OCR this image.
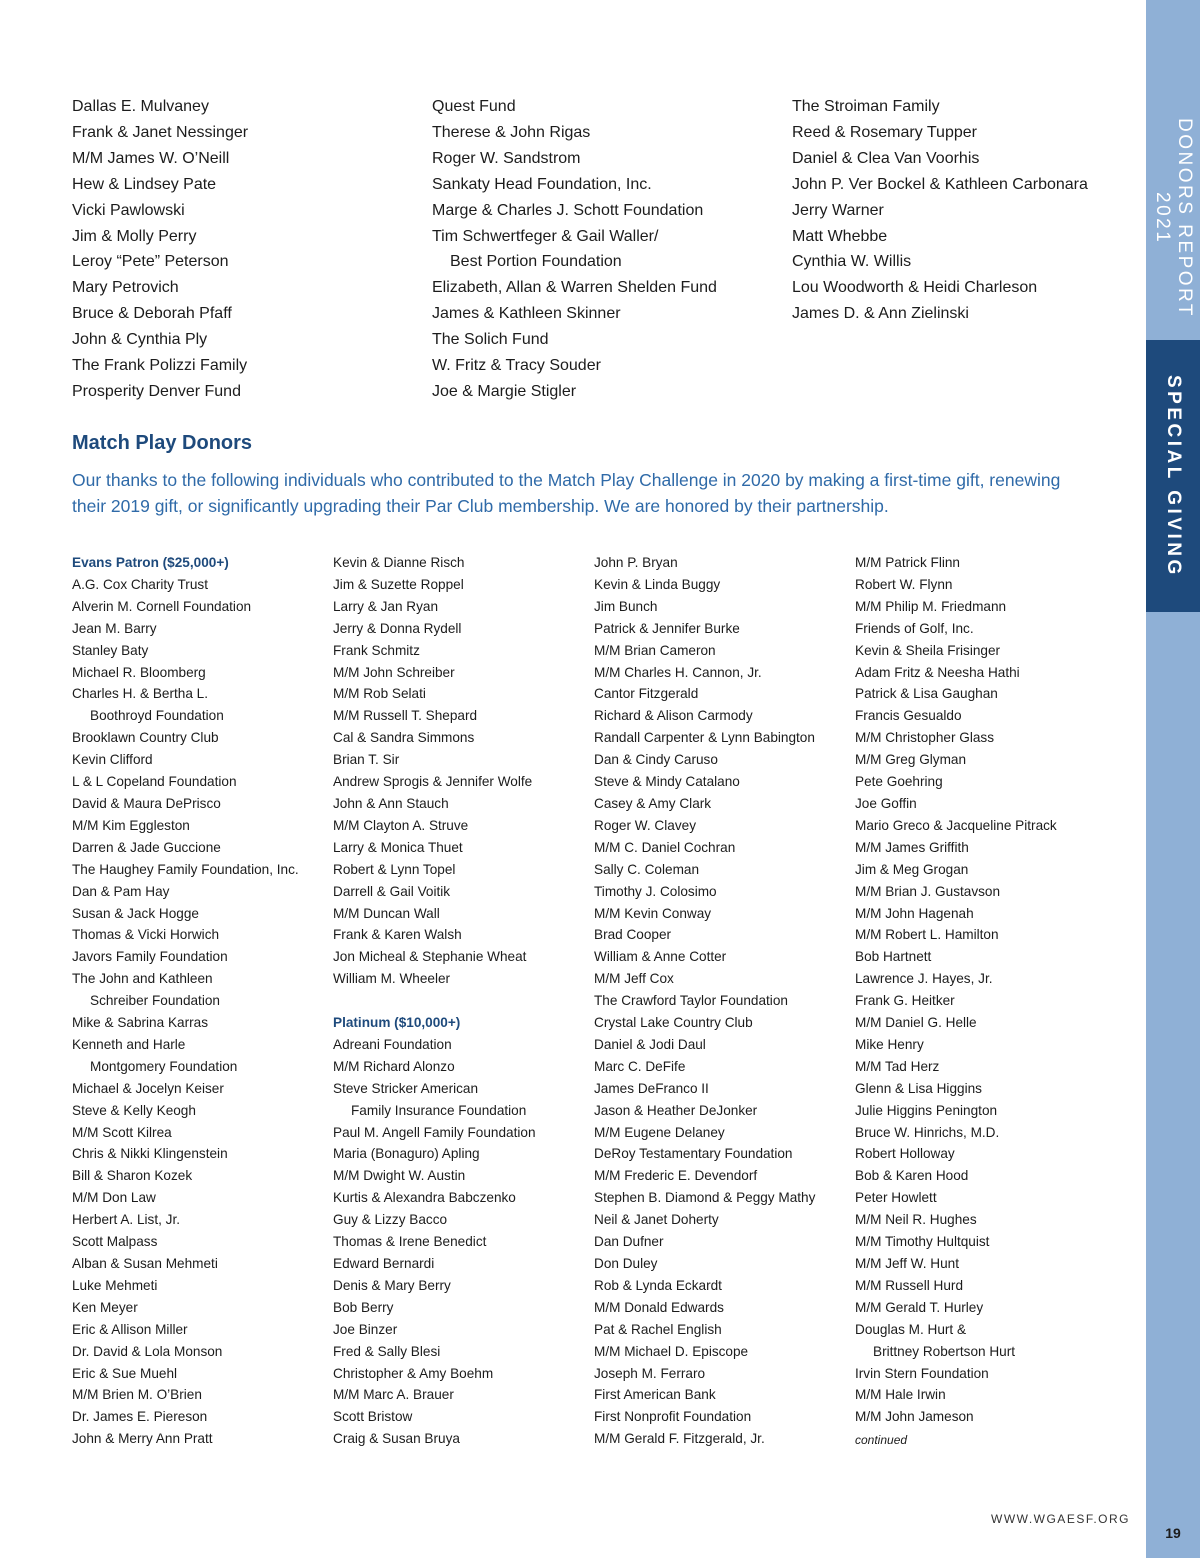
DONORS REPORT 2021
SPECIAL GIVING
19
WWW.WGAESF.ORG
Dallas E. Mulvaney
Frank & Janet Nessinger
M/M James W. O’Neill
Hew & Lindsey Pate
Vicki Pawlowski
Jim & Molly Perry
Leroy “Pete” Peterson
Mary Petrovich
Bruce & Deborah Pfaff
John & Cynthia Ply
The Frank Polizzi Family
Prosperity Denver Fund
Quest Fund
Therese & John Rigas
Roger W. Sandstrom
Sankaty Head Foundation, Inc.
Marge & Charles J. Schott Foundation
Tim Schwertfeger & Gail Waller/
Best Portion Foundation
Elizabeth, Allan & Warren Shelden Fund
James & Kathleen Skinner
The Solich Fund
W. Fritz & Tracy Souder
Joe & Margie Stigler
The Stroiman Family
Reed & Rosemary Tupper
Daniel & Clea Van Voorhis
John P. Ver Bockel & Kathleen Carbonara
Jerry Warner
Matt Whebbe
Cynthia W. Willis
Lou Woodworth & Heidi Charleson
James D. & Ann Zielinski
Match Play Donors

Our thanks to the following individuals who contributed to the Match Play Challenge in 2020 by making a first-time gift, renewing their 2019 gift, or significantly upgrading their Par Club membership. We are honored by their partnership.

Evans Patron ($25,000+)
A.G. Cox Charity Trust
Alverin M. Cornell Foundation
Jean M. Barry
Stanley Baty
Michael R. Bloomberg
Charles H. & Bertha L.
Boothroyd Foundation
Brooklawn Country Club
Kevin Clifford
L & L Copeland Foundation
David & Maura DePrisco
M/M Kim Eggleston
Darren & Jade Guccione
The Haughey Family Foundation, Inc.
Dan & Pam Hay
Susan & Jack Hogge
Thomas & Vicki Horwich
Javors Family Foundation
The John and Kathleen
Schreiber Foundation
Mike & Sabrina Karras
Kenneth and Harle
Montgomery Foundation
Michael & Jocelyn Keiser
Steve & Kelly Keogh
M/M Scott Kilrea
Chris & Nikki Klingenstein
Bill & Sharon Kozek
M/M Don Law
Herbert A. List, Jr.
Scott Malpass
Alban & Susan Mehmeti
Luke Mehmeti
Ken Meyer
Eric & Allison Miller
Dr. David & Lola Monson
Eric & Sue Muehl
M/M Brien M. O’Brien
Dr. James E. Piereson
John & Merry Ann Pratt
Kevin & Dianne Risch
Jim & Suzette Roppel
Larry & Jan Ryan
Jerry & Donna Rydell
Frank Schmitz
M/M John Schreiber
M/M Rob Selati
M/M Russell T. Shepard
Cal & Sandra Simmons
Brian T. Sir
Andrew Sprogis & Jennifer Wolfe
John & Ann Stauch
M/M Clayton A. Struve
Larry & Monica Thuet
Robert & Lynn Topel
Darrell & Gail Voitik
M/M Duncan Wall
Frank & Karen Walsh
Jon Micheal & Stephanie Wheat
William M. Wheeler
Platinum ($10,000+)
Adreani Foundation
M/M Richard Alonzo
Steve Stricker American
Family Insurance Foundation
Paul M. Angell Family Foundation
Maria (Bonaguro) Apling
M/M Dwight W. Austin
Kurtis & Alexandra Babczenko
Guy & Lizzy Bacco
Thomas & Irene Benedict
Edward Bernardi
Denis & Mary Berry
Bob Berry
Joe Binzer
Fred & Sally Blesi
Christopher & Amy Boehm
M/M Marc A. Brauer
Scott Bristow
Craig & Susan Bruya
John P. Bryan
Kevin & Linda Buggy
Jim Bunch
Patrick & Jennifer Burke
M/M Brian Cameron
M/M Charles H. Cannon, Jr.
Cantor Fitzgerald
Richard & Alison Carmody
Randall Carpenter & Lynn Babington
Dan & Cindy Caruso
Steve & Mindy Catalano
Casey & Amy Clark
Roger W. Clavey
M/M C. Daniel Cochran
Sally C. Coleman
Timothy J. Colosimo
M/M Kevin Conway
Brad Cooper
William & Anne Cotter
M/M Jeff Cox
The Crawford Taylor Foundation
Crystal Lake Country Club
Daniel & Jodi Daul
Marc C. DeFife
James DeFranco II
Jason & Heather DeJonker
M/M Eugene Delaney
DeRoy Testamentary Foundation
M/M Frederic E. Devendorf
Stephen B. Diamond & Peggy Mathy
Neil & Janet Doherty
Dan Dufner
Don Duley
Rob & Lynda Eckardt
M/M Donald Edwards
Pat & Rachel English
M/M Michael D. Episcope
Joseph M. Ferraro
First American Bank
First Nonprofit Foundation
M/M Gerald F. Fitzgerald, Jr.
M/M Patrick Flinn
Robert W. Flynn
M/M Philip M. Friedmann
Friends of Golf, Inc.
Kevin & Sheila Frisinger
Adam Fritz & Neesha Hathi
Patrick & Lisa Gaughan
Francis Gesualdo
M/M Christopher Glass
M/M Greg Glyman
Pete Goehring
Joe Goffin
Mario Greco & Jacqueline Pitrack
M/M James Griffith
Jim & Meg Grogan
M/M Brian J. Gustavson
M/M John Hagenah
M/M Robert L. Hamilton
Bob Hartnett
Lawrence J. Hayes, Jr.
Frank G. Heitker
M/M Daniel G. Helle
Mike Henry
M/M Tad Herz
Glenn & Lisa Higgins
Julie Higgins Penington
Bruce W. Hinrichs, M.D.
Robert Holloway
Bob & Karen Hood
Peter Howlett
M/M Neil R. Hughes
M/M Timothy Hultquist
M/M Jeff W. Hunt
M/M Russell Hurd
M/M Gerald T. Hurley
Douglas M. Hurt &
Brittney Robertson Hurt
Irvin Stern Foundation
M/M Hale Irwin
M/M John Jameson
continued
